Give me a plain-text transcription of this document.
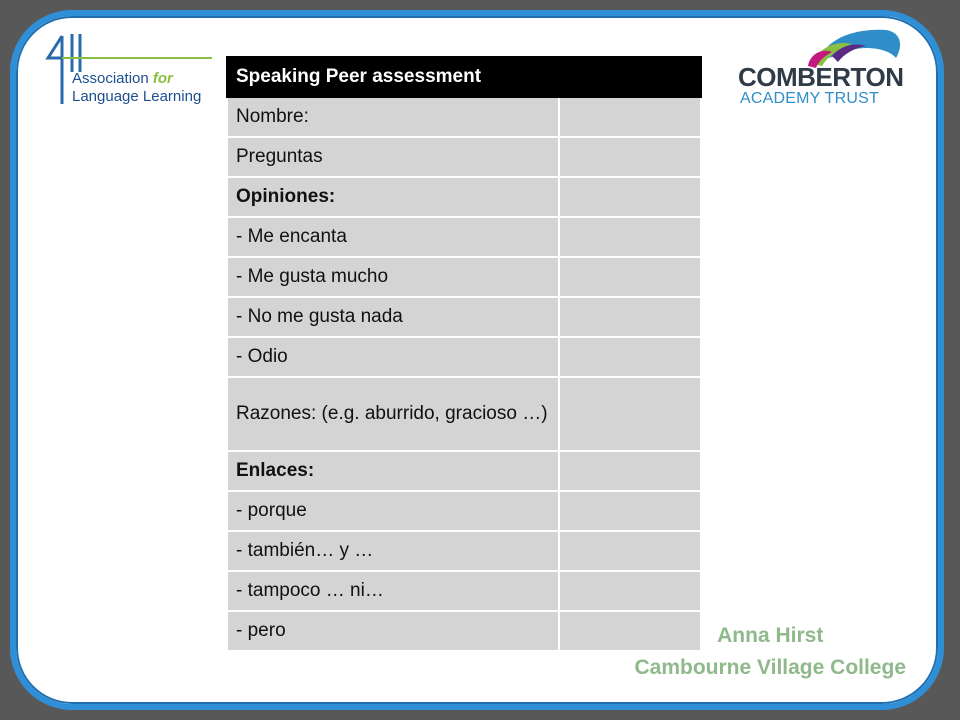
Association for
Language Learning
COMBERTON
ACADEMY TRUST
Speaking Peer assessment	
Nombre:	
Preguntas	
Opiniones:	
- Me encanta	
- Me gusta mucho	
- No me gusta nada	
- Odio	
Razones: (e.g. aburrido, gracioso …)	
Enlaces:	
- porque	
- también… y …	
- tampoco … ni…	
- pero		Anna Hirst
Cambourne Village College
